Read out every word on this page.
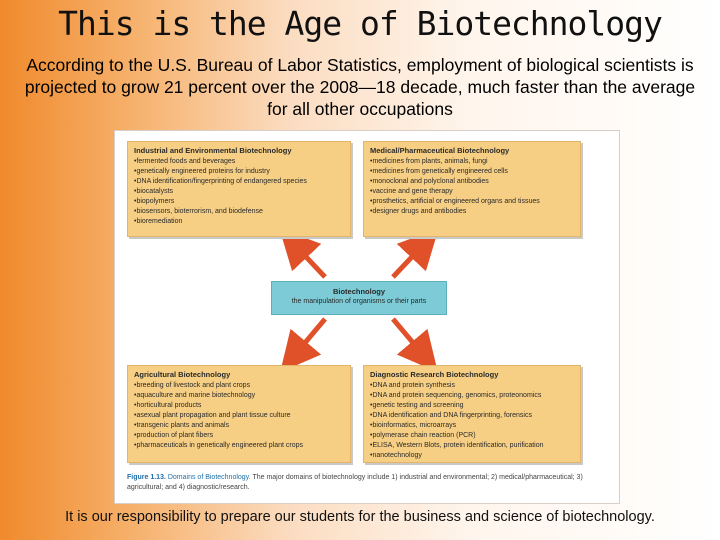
This is the Age of Biotechnology
According to the U.S. Bureau of Labor Statistics, employment of biological scientists is projected to grow 21 percent over the 2008—18 decade, much faster than the average for all other occupations
Industrial and Environmental Biotechnology
• fermented foods and beverages
• genetically engineered proteins for industry
• DNA identification/fingerprinting of endangered species
• biocatalysts
• biopolymers
• biosensors, bioterrorism, and biodefense
• bioremediation
Medical/Pharmaceutical Biotechnology
• medicines from plants, animals, fungi
• medicines from genetically engineered cells
• monoclonal and polyclonal antibodies
• vaccine and gene therapy
• prosthetics, artificial or engineered organs and tissues
• designer drugs and antibodies
Biotechnology
the manipulation of organisms or their parts
Agricultural Biotechnology
• breeding of livestock and plant crops
• aquaculture and marine biotechnology
• horticultural products
• asexual plant propagation and plant tissue culture
• transgenic plants and animals
• production of plant fibers
• pharmaceuticals in genetically engineered plant crops
Diagnostic Research Biotechnology
• DNA and protein synthesis
• DNA and protein sequencing, genomics, proteonomics
• genetic testing and screening
• DNA identification and DNA fingerprinting, forensics
• bioinformatics, microarrays
• polymerase chain reaction (PCR)
• ELISA, Western Blots, protein identification, purification
• nanotechnology
Figure 1.13. Domains of Biotechnology. The major domains of biotechnology include 1) industrial and environmental; 2) medical/pharmaceutical; 3) agricultural; and 4) diagnostic/research.
It is our responsibility to prepare our students for the business and science of biotechnology.
